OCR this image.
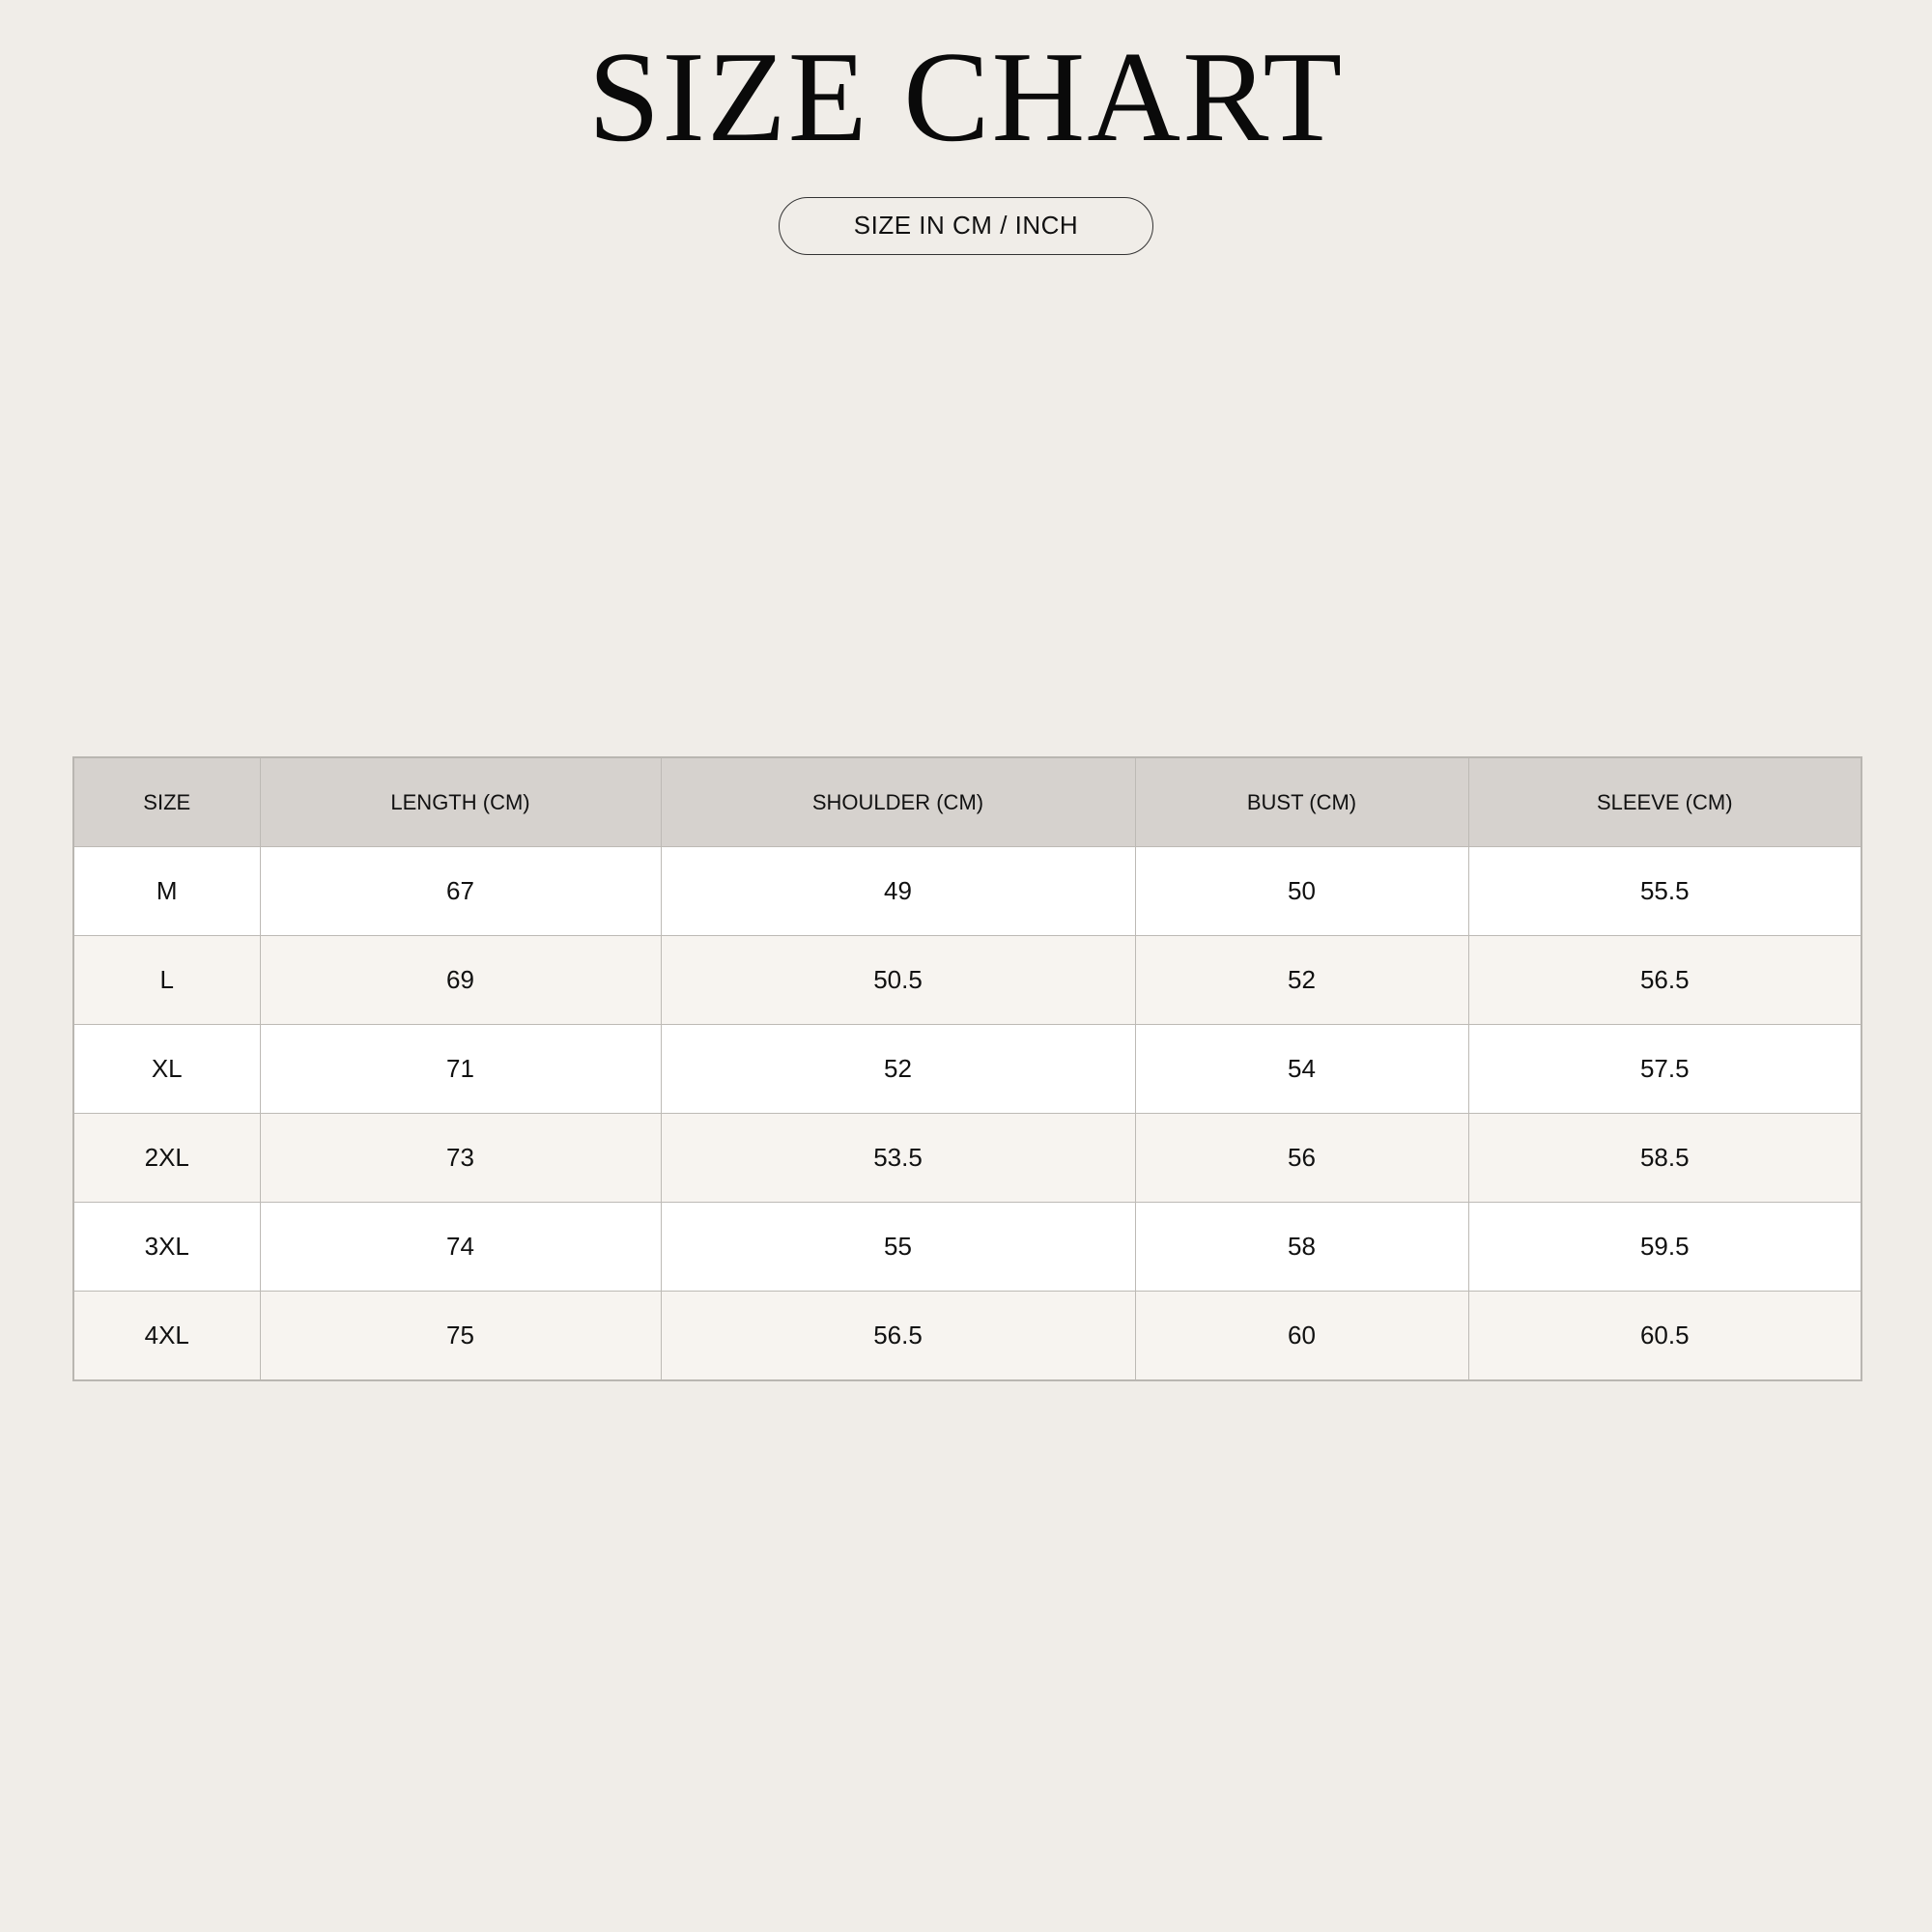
SIZE CHART
SIZE IN CM / INCH
SIZE	LENGTH (CM)	SHOULDER (CM)	BUST (CM)	SLEEVE (CM)
M	67	49	50	55.5
L	69	50.5	52	56.5
XL	71	52	54	57.5
2XL	73	53.5	56	58.5
3XL	74	55	58	59.5
4XL	75	56.5	60	60.5
